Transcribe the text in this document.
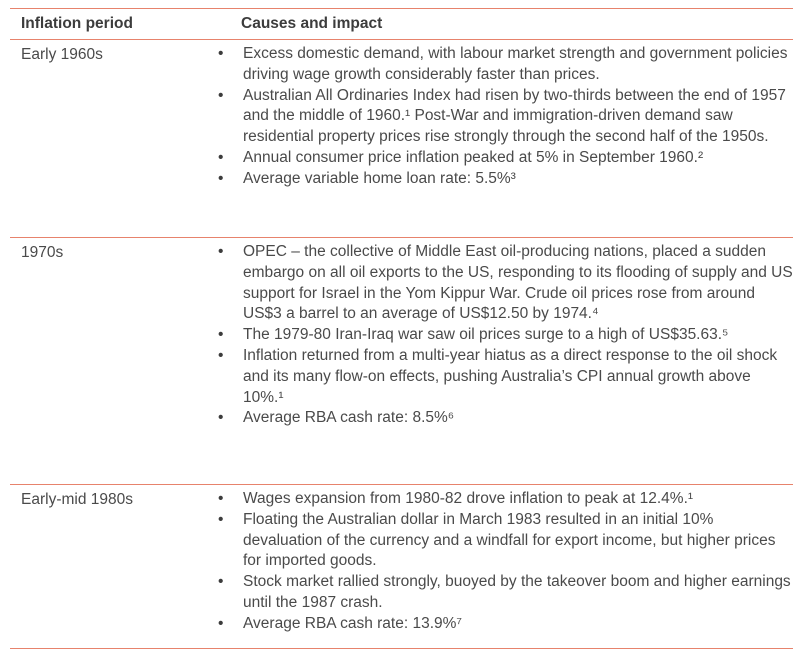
Inflation period	Causes and impact
Early 1960s	• Excess domestic demand, with labour market strength and government policies driving wage growth considerably faster than prices.
• Australian All Ordinaries Index had risen by two-thirds between the end of 1957 and the middle of 1960.¹ Post-War and immigration-driven demand saw residential property prices rise strongly through the second half of the 1950s.
• Annual consumer price inflation peaked at 5% in September 1960.²
• Average variable home loan rate: 5.5%³
1970s	• OPEC – the collective of Middle East oil-producing nations, placed a sudden embargo on all oil exports to the US, responding to its flooding of supply and US support for Israel in the Yom Kippur War. Crude oil prices rose from around US$3 a barrel to an average of US$12.50 by 1974.⁴
• The 1979-80 Iran-Iraq war saw oil prices surge to a high of US$35.63.⁵
• Inflation returned from a multi-year hiatus as a direct response to the oil shock and its many flow-on effects, pushing Australia’s CPI annual growth above 10%.¹
• Average RBA cash rate: 8.5%⁶
Early-mid 1980s	• Wages expansion from 1980-82 drove inflation to peak at 12.4%.¹
• Floating the Australian dollar in March 1983 resulted in an initial 10% devaluation of the currency and a windfall for export income, but higher prices for imported goods.
• Stock market rallied strongly, buoyed by the takeover boom and higher earnings until the 1987 crash.
• Average RBA cash rate: 13.9%⁷
